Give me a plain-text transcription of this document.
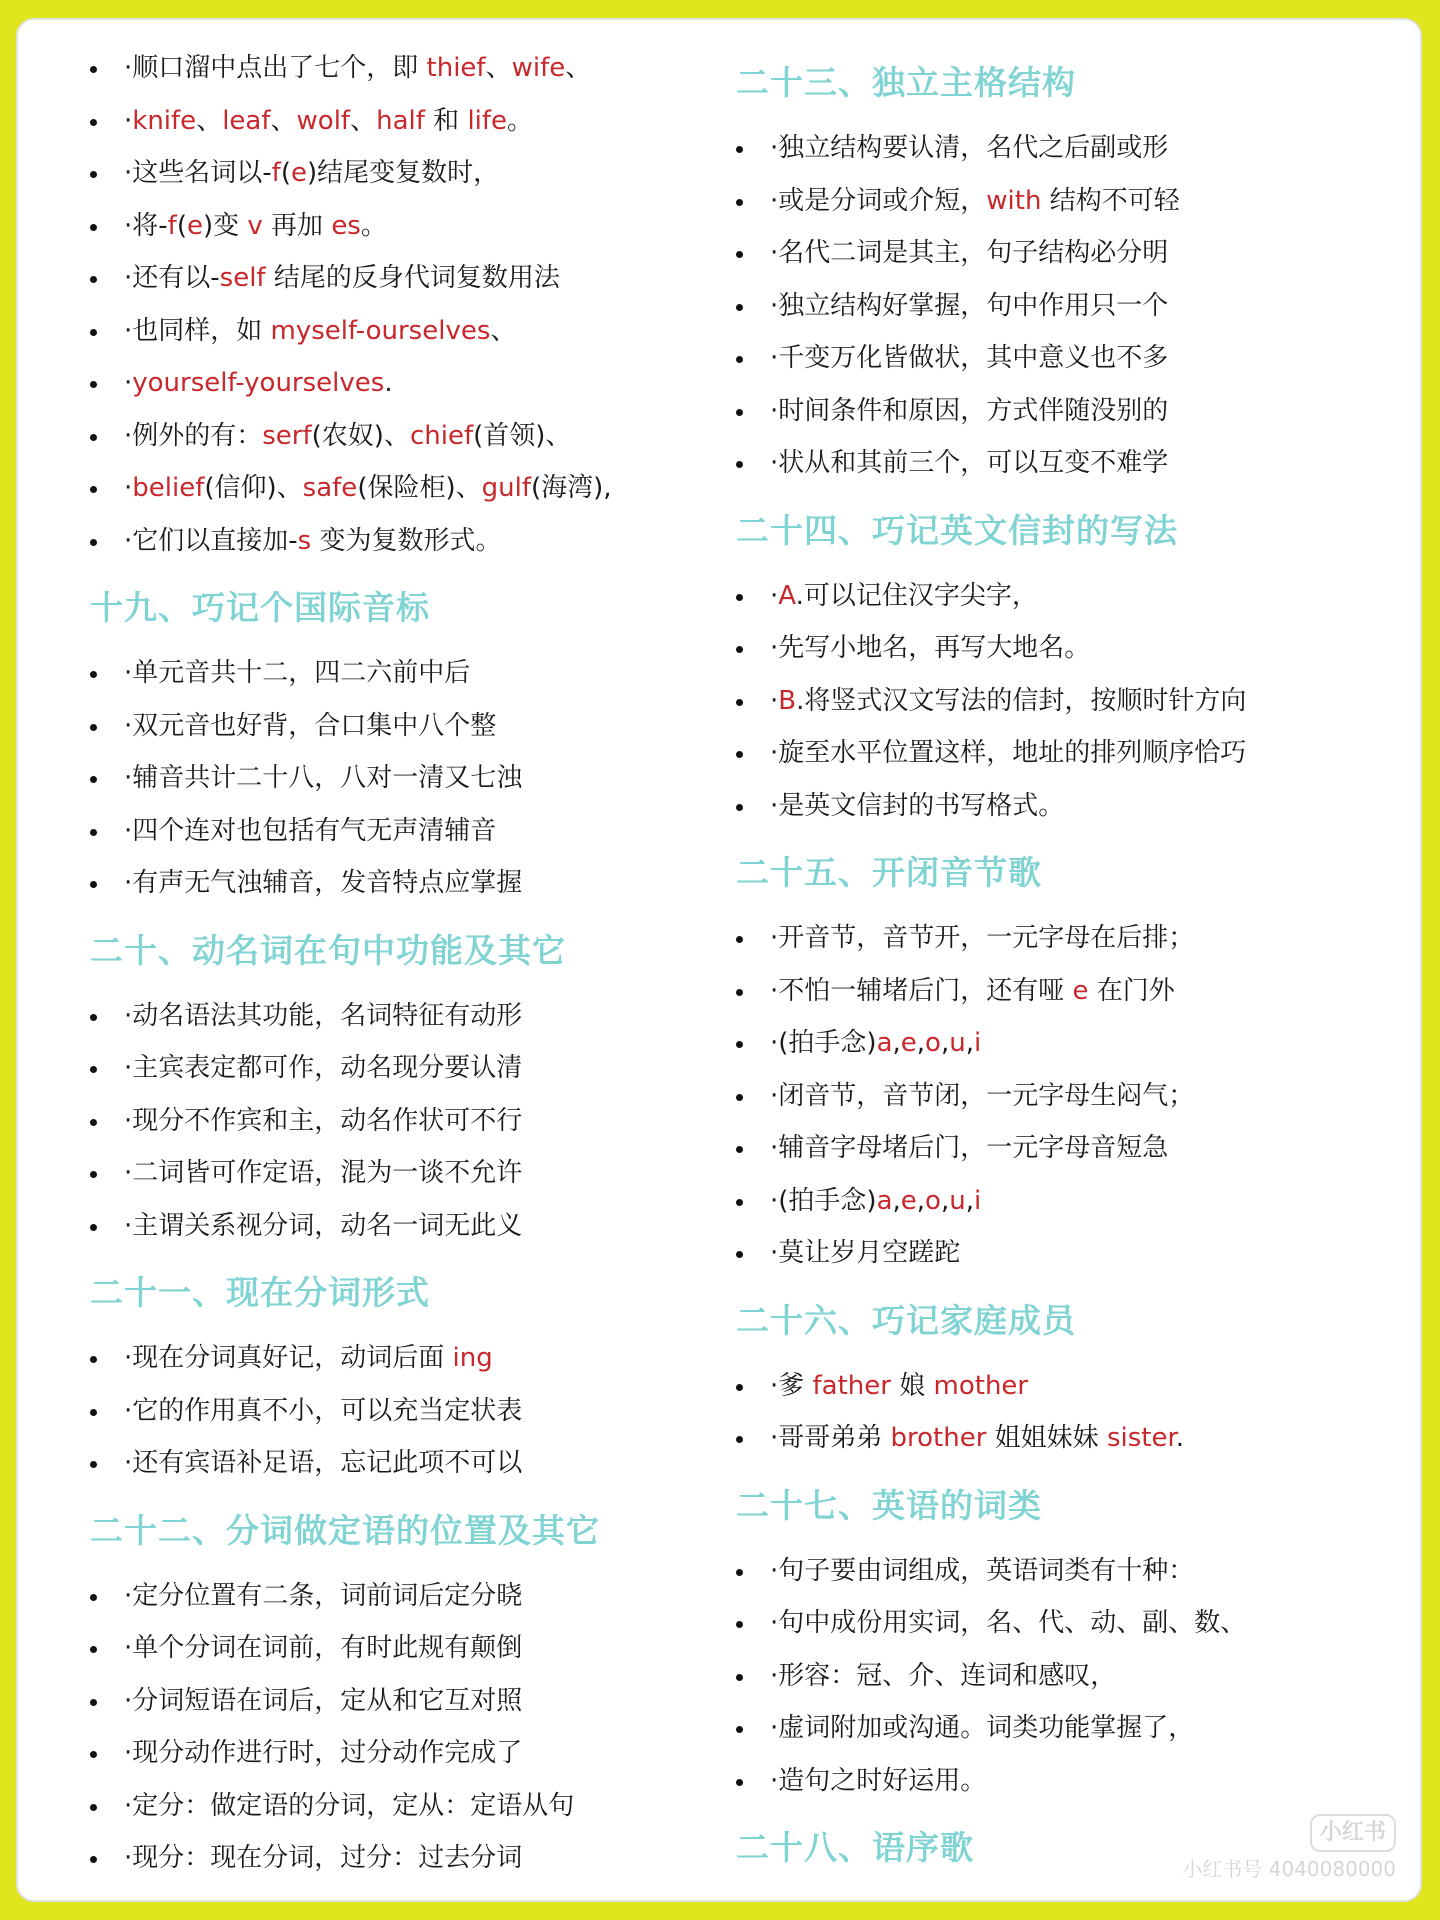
·顺口溜中点出了七个，即 thief、wife、
·knife、leaf、wolf、half 和 life。
·这些名词以-f(e)结尾变复数时，
·将-f(e)变 v 再加 es。
·还有以-self 结尾的反身代词复数用法
·也同样，如 myself-ourselves、
·yourself-yourselves.
·例外的有：serf(农奴)、chief(首领)、
·belief(信仰)、safe(保险柜)、gulf(海湾),
·它们以直接加-s 变为复数形式。
十九、巧记个国际音标
·单元音共十二，四二六前中后
·双元音也好背，合口集中八个整
·辅音共计二十八，八对一清又七浊
·四个连对也包括有气无声清辅音
·有声无气浊辅音，发音特点应掌握
二十、动名词在句中功能及其它
·动名语法其功能，名词特征有动形
·主宾表定都可作，动名现分要认清
·现分不作宾和主，动名作状可不行
·二词皆可作定语，混为一谈不允许
·主谓关系视分词，动名一词无此义
二十一、现在分词形式
·现在分词真好记，动词后面 ing
·它的作用真不小，可以充当定状表
·还有宾语补足语，忘记此项不可以
二十二、分词做定语的位置及其它
·定分位置有二条，词前词后定分晓
·单个分词在词前，有时此规有颠倒
·分词短语在词后，定从和它互对照
·现分动作进行时，过分动作完成了
·定分：做定语的分词，定从：定语从句
·现分：现在分词，过分：过去分词
二十三、独立主格结构
·独立结构要认清，名代之后副或形
·或是分词或介短，with 结构不可轻
·名代二词是其主，句子结构必分明
·独立结构好掌握，句中作用只一个
·千变万化皆做状，其中意义也不多
·时间条件和原因，方式伴随没别的
·状从和其前三个，可以互变不难学
二十四、巧记英文信封的写法
·A.可以记住汉字尖字，
·先写小地名，再写大地名。
·B.将竖式汉文写法的信封，按顺时针方向
·旋至水平位置这样，地址的排列顺序恰巧
·是英文信封的书写格式。
二十五、开闭音节歌
·开音节，音节开，一元字母在后排；
·不怕一辅堵后门，还有哑 e 在门外
·(拍手念)a,e,o,u,i
·闭音节，音节闭，一元字母生闷气；
·辅音字母堵后门，一元字母音短急
·(拍手念)a,e,o,u,i
·莫让岁月空蹉跎
二十六、巧记家庭成员
·爹 father 娘 mother
·哥哥弟弟 brother 姐姐妹妹 sister.
二十七、英语的词类
·句子要由词组成，英语词类有十种：
·句中成份用实词，名、代、动、副、数、
·形容：冠、介、连词和感叹，
·虚词附加或沟通。词类功能掌握了，
·造句之时好运用。
二十八、语序歌	小红书
小红书号 4040080000
